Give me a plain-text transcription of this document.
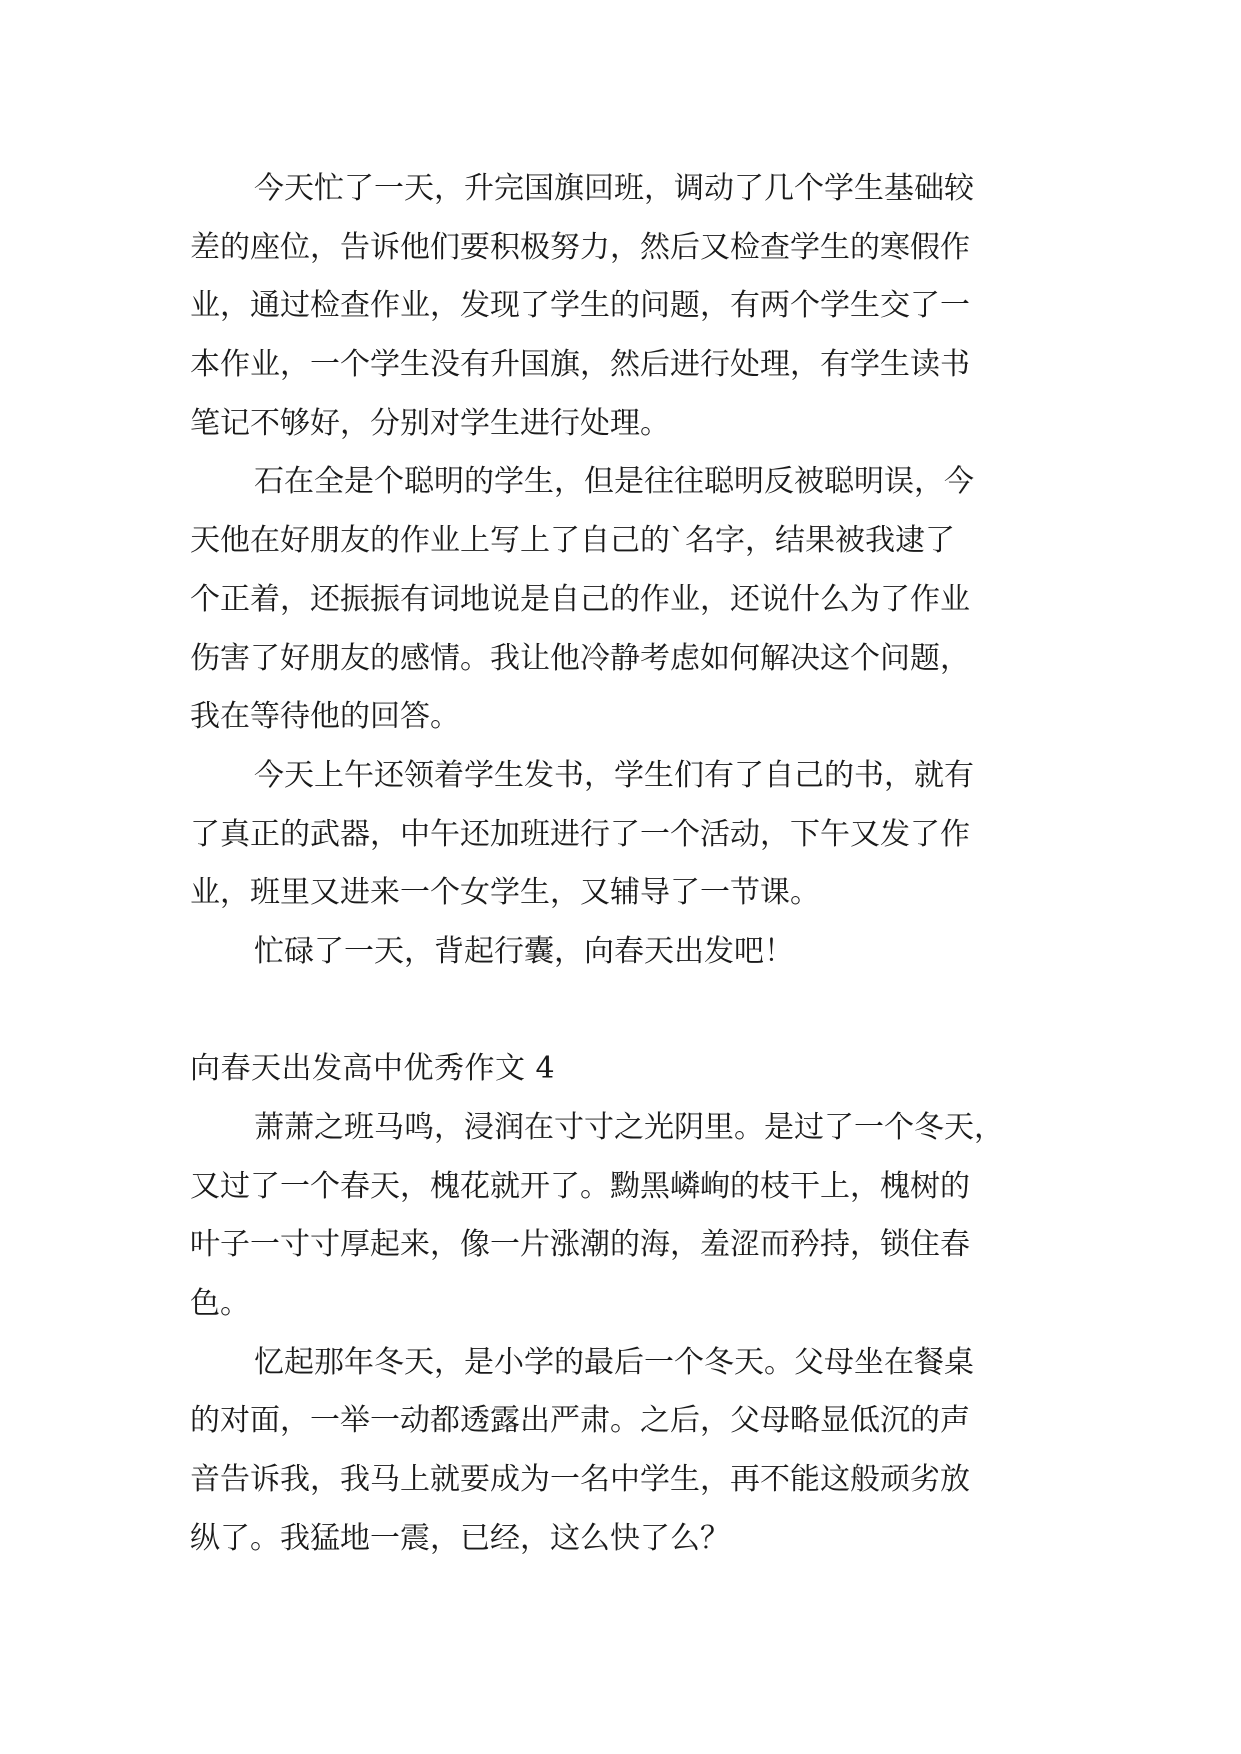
今天忙了一天，升完国旗回班，调动了几个学生基础较
差的座位，告诉他们要积极努力，然后又检查学生的寒假作
业，通过检查作业，发现了学生的问题，有两个学生交了一
本作业，一个学生没有升国旗，然后进行处理，有学生读书
笔记不够好，分别对学生进行处理。
石在全是个聪明的学生，但是往往聪明反被聪明误，今
天他在好朋友的作业上写上了自己的`名字，结果被我逮了
个正着，还振振有词地说是自己的作业，还说什么为了作业
伤害了好朋友的感情。我让他冷静考虑如何解决这个问题，
我在等待他的回答。
今天上午还领着学生发书，学生们有了自己的书，就有
了真正的武器，中午还加班进行了一个活动，下午又发了作
业，班里又进来一个女学生，又辅导了一节课。
忙碌了一天，背起行囊，向春天出发吧！
向春天出发高中优秀作文 4
萧萧之班马鸣，浸润在寸寸之光阴里。是过了一个冬天，
又过了一个春天，槐花就开了。黝黑嶙峋的枝干上，槐树的
叶子一寸寸厚起来，像一片涨潮的海，羞涩而矜持，锁住春
色。
忆起那年冬天，是小学的最后一个冬天。父母坐在餐桌
的对面，一举一动都透露出严肃。之后，父母略显低沉的声
音告诉我，我马上就要成为一名中学生，再不能这般顽劣放
纵了。我猛地一震，已经，这么快了么？
